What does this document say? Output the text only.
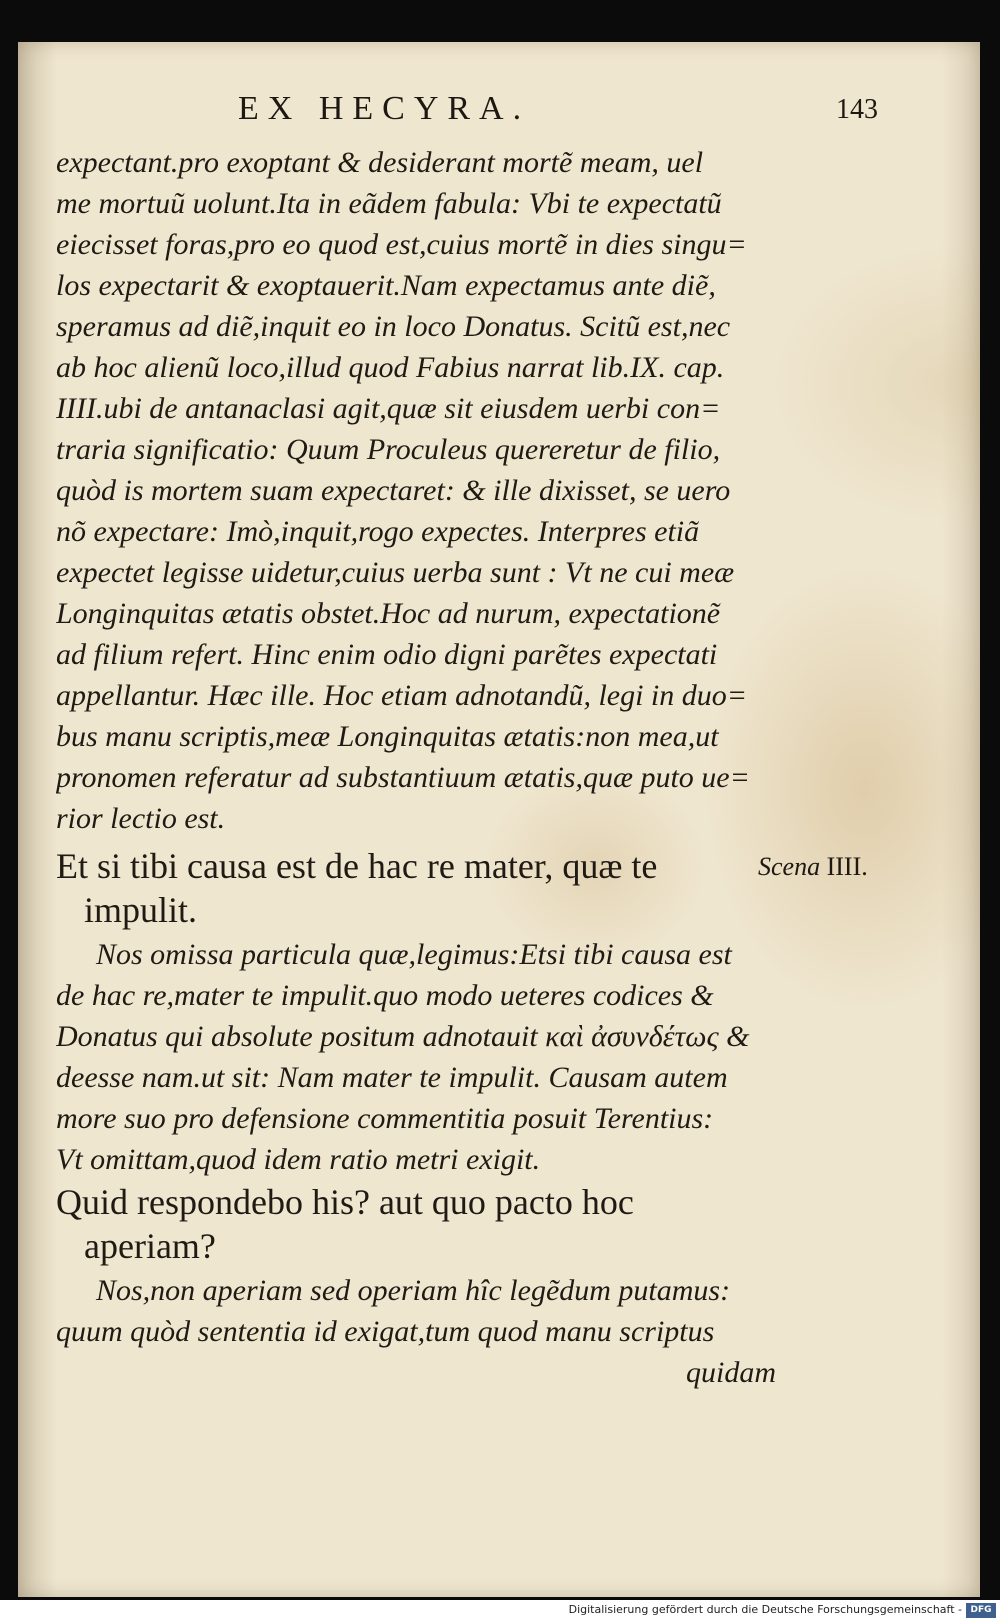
EX HECYRA.	143
expectant.pro exoptant & desiderant mortẽ meam, uel
me mortuũ uolunt.Ita in eãdem fabula: Vbi te expectatũ
eiecisset foras,pro eo quod est,cuius mortẽ in dies singu=
los expectarit & exoptauerit.Nam expectamus ante diẽ,
speramus ad diẽ,inquit eo in loco Donatus. Scitũ est,nec
ab hoc alienũ loco,illud quod Fabius narrat lib.IX. cap.
IIII.ubi de antanaclasi agit,quæ sit eiusdem uerbi con=
traria significatio: Quum Proculeus quereretur de filio,
quòd is mortem suam expectaret: & ille dixisset, se uero
nõ expectare: Imò,inquit,rogo expectes. Interpres etiã
expectet legisse uidetur,cuius uerba sunt : Vt ne cui meæ
Longinquitas ætatis obstet.Hoc ad nurum, expectationẽ
ad filium refert. Hinc enim odio digni parẽtes expectati
appellantur. Hæc ille. Hoc etiam adnotandũ, legi in duo=
bus manu scriptis,meæ Longinquitas ætatis:non mea,ut
pronomen referatur ad substantiuum ætatis,quæ puto ue=
rior lectio est.
Et si tibi causa est de hac re mater, quæ te
impulit.
Scena IIII.
Nos omissa particula quæ,legimus:Etsi tibi causa est
de hac re,mater te impulit.quo modo ueteres codices &
Donatus qui absolute positum adnotauit καὶ ἀσυνδέτως &
deesse nam.ut sit: Nam mater te impulit. Causam autem
more suo pro defensione commentitia posuit Terentius:
Vt omittam,quod idem ratio metri exigit.
Quid respondebo his? aut quo pacto hoc
aperiam?
Nos,non aperiam sed operiam hîc legẽdum putamus:
quum quòd sententia id exigat,tum quod manu scriptus
quidam
Digitalisierung gefördert durch die Deutsche Forschungsgemeinschaft - DFG
